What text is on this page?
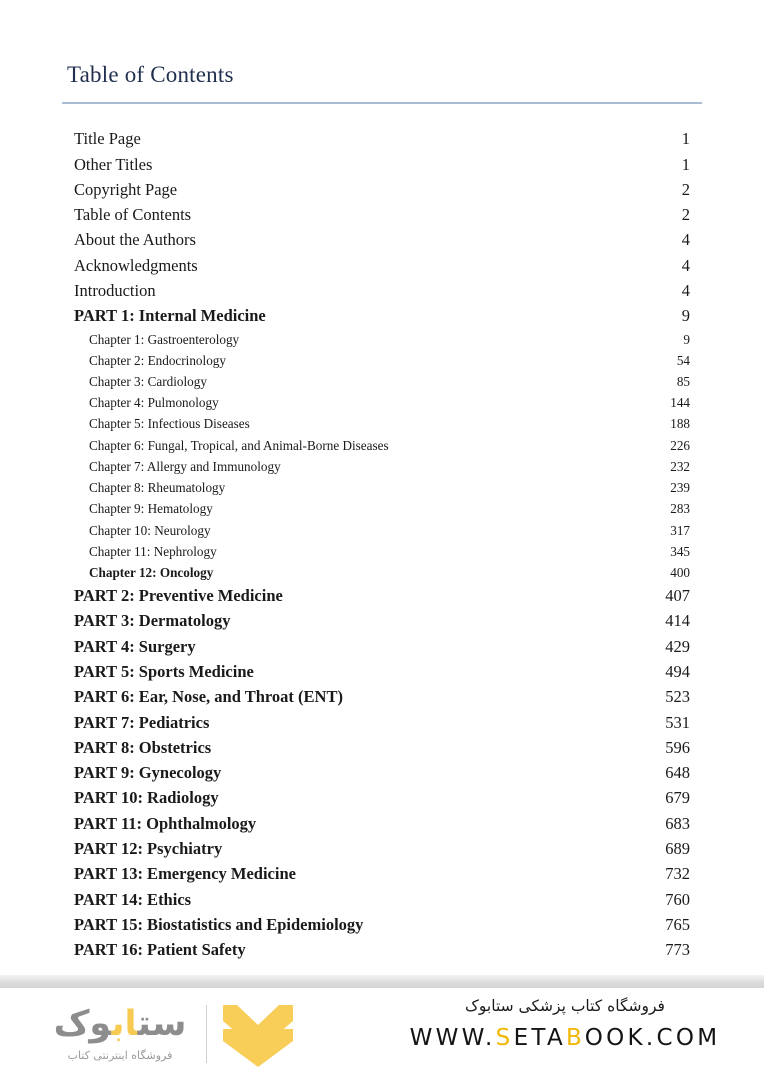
Table of Contents
Title Page	1
Other Titles	1
Copyright Page	2
Table of Contents	2
About the Authors	4
Acknowledgments	4
Introduction	4
PART 1: Internal Medicine	9
Chapter 1: Gastroenterology	9
Chapter 2: Endocrinology	54
Chapter 3: Cardiology	85
Chapter 4: Pulmonology	144
Chapter 5: Infectious Diseases	188
Chapter 6: Fungal, Tropical, and Animal-Borne Diseases	226
Chapter 7: Allergy and Immunology	232
Chapter 8: Rheumatology	239
Chapter 9: Hematology	283
Chapter 10: Neurology	317
Chapter 11: Nephrology	345
Chapter 12: Oncology	400
PART 2: Preventive Medicine	407
PART 3: Dermatology	414
PART 4: Surgery	429
PART 5: Sports Medicine	494
PART 6: Ear, Nose, and Throat (ENT)	523
PART 7: Pediatrics	531
PART 8: Obstetrics	596
PART 9: Gynecology	648
PART 10: Radiology	679
PART 11: Ophthalmology	683
PART 12: Psychiatry	689
PART 13: Emergency Medicine	732
PART 14: Ethics	760
PART 15: Biostatistics and Epidemiology	765
PART 16: Patient Safety	773
ستابوک
فروشگاه اینترنتی کتاب
فروشگاه کتاب پزشکی ستابوک
WWW.SETABOOK.COM
